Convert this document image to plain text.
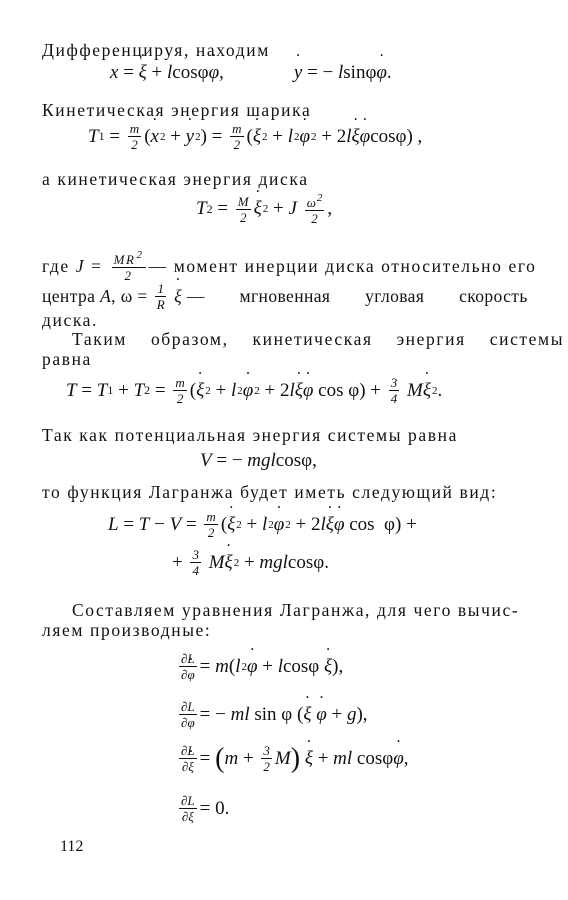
Дифференцируя, находим
˙ x = ˙ ξ + l cosφ ˙ φ ,	˙ y = − l sinφ ˙ φ .
Кинетическая энергия шарика
T $1 = \frac{m}{2}$ ( ˙ x 2 + ˙ y 2 ) = $\frac{m}{2}$ ( ˙ ξ 2 + l 2 ˙ φ 2 + 2 l ˙ ξ ˙ φ cosφ) ,
а кинетическая энергия диска
T $2 = \frac{M}{2}$ ˙ ξ 2 + J
$\frac{\omega^2}{2}$ ,
где
$J = \frac{MR^2}{2}$ — момент инерции диска относительно его
центра
A , $\omega = \frac{1}{R}$
˙ ξ
— мгновенная угловая скорость
диска.
Таким образом, кинетическая энергия системы
равна
T = T 1 + T $2 = \frac{m}{2}$ ( ˙ ξ 2 + l 2 ˙ φ 2 + 2 l ˙ ξ ˙ φ $\cos \varphi) + \frac{3}{4}$
M ˙ ξ 2 .
Так как потенциальная энергия системы равна
V = − mgl cosφ,
то функция Лагранжа будет иметь следующий вид:
$L = T - V = \frac{m}{2}$ ( ˙ ξ 2 + l 2 ˙ φ 2 + 2 l ˙ ξ ˙ φ cos  φ) +
+ $\frac{3}{4}$
M ˙ ξ 2 + mgl cosφ.
Составляем уравнения Лагранжа, для чего вычис-
ляем производные:
$\frac{\partial L}{\partial˙ \varphi} = m$ ( l 2 ˙ φ + l cosφ ˙ ξ ),
$\frac{\partial L}{\partial\varphi}$ = − ml sin φ ( ˙ ξ
˙ φ + g ),
$\frac{\partial L}{\partial˙ \xi}$ = ( $m + \frac{3}{2}$ M )
˙ ξ + ml cosφ ˙ φ ,
$\frac{\partial L}{\partial\xi} = 0$.
112
